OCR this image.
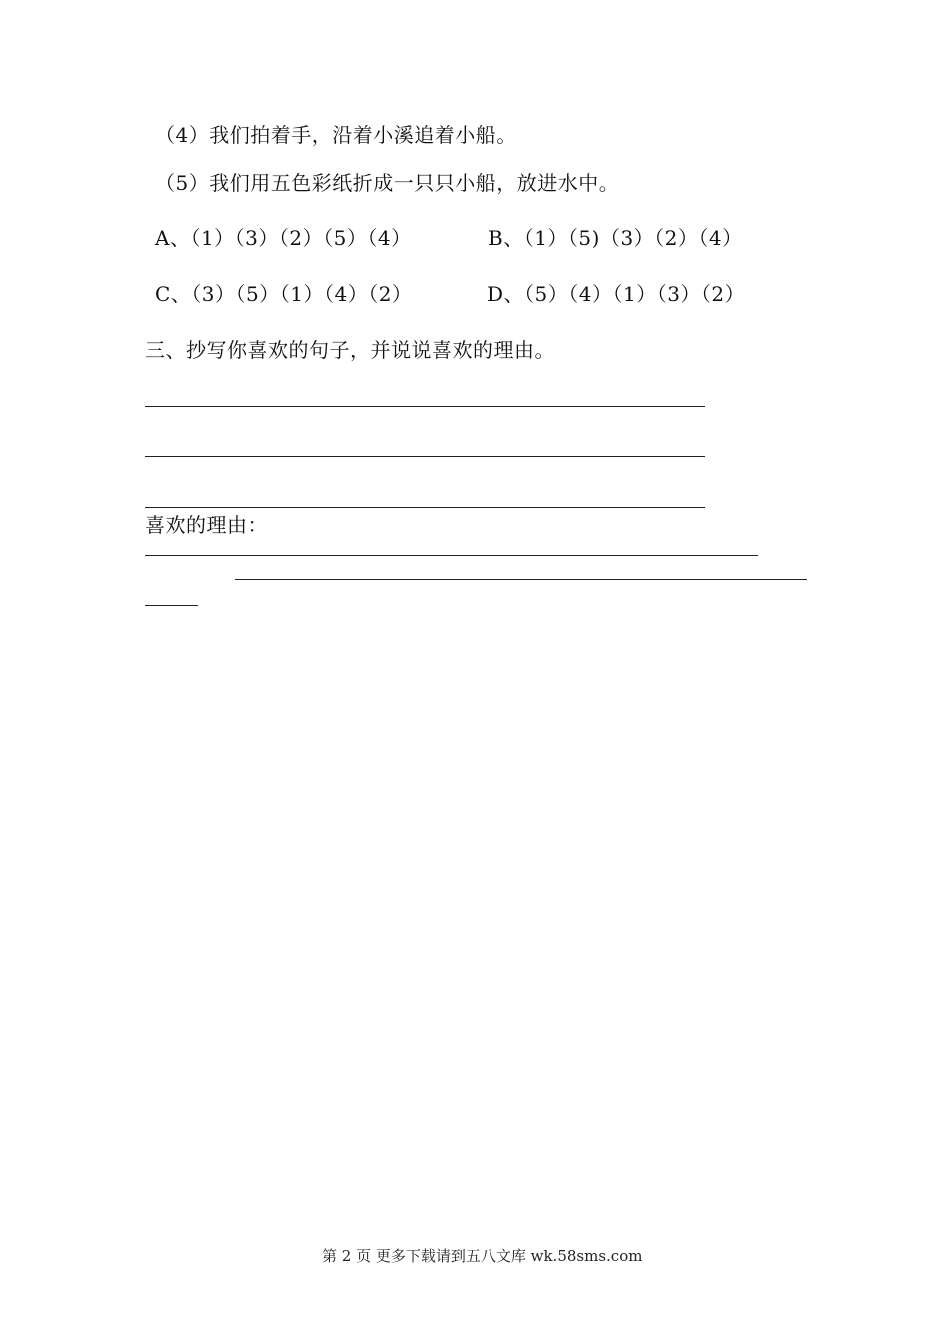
（4）我们拍着手，沿着小溪追着小船。
（5）我们用五色彩纸折成一只只小船，放进水中。
A、（1）（3）（2）（5）（4）	B、（1）（5)（3）（2）（4）
C、（3）（5）（1）（4）（2）	D、（5）（4）（1）（3）（2）
三、抄写你喜欢的句子，并说说喜欢的理由。
喜欢的理由：
第 2 页 更多下载请到五八文库 wk.58sms.com
